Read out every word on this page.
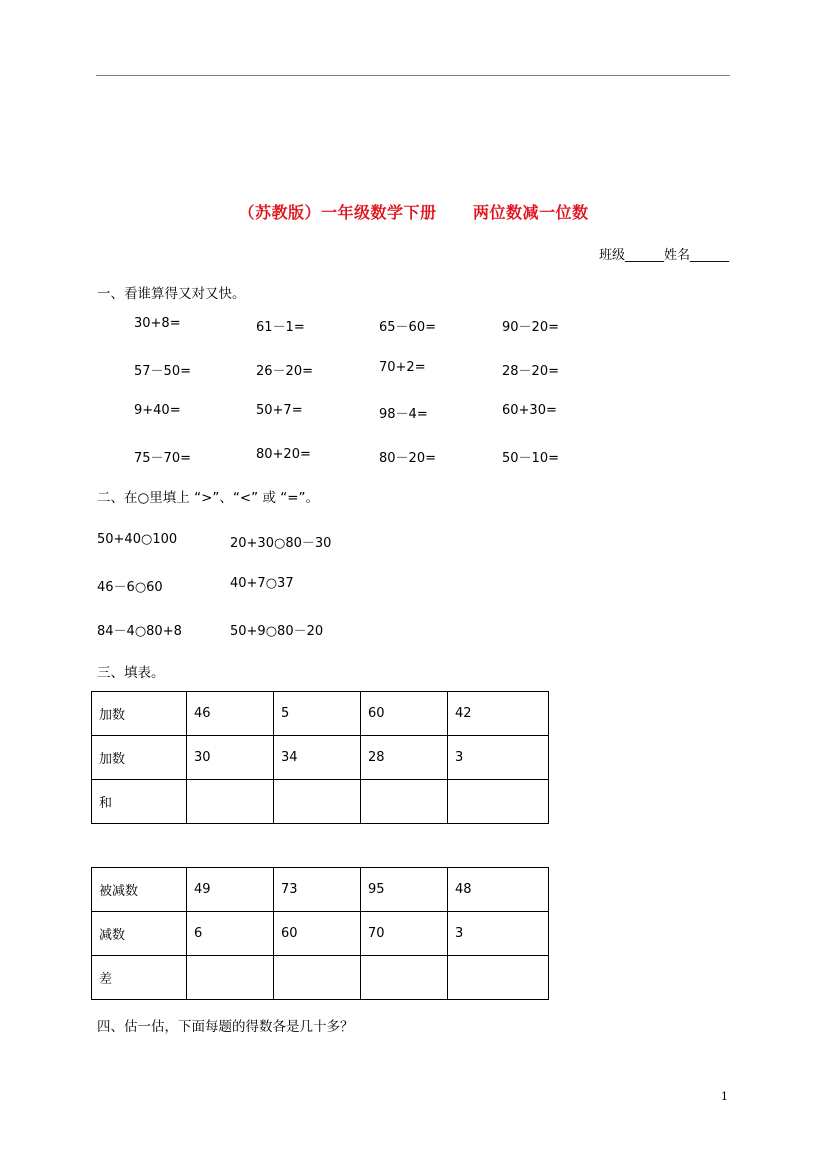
（苏教版）一年级数学下册      两位数减一位数
班级______姓名______
一、看谁算得又对又快。
30+8=	61－1=	65－60=	90－20=
57－50=	26－20=	70+2=	28－20=
9+40=	50+7=	98－4=	60+30=
75－70=	80+20=	80－20=	50－10=
二、在○里填上 “>”、“<” 或 “=”。
50+40○100	20+30○80－30
46－6○60	40+7○37
84－4○80+8	50+9○80－20
三、填表。
加数	46	5	60	42
加数	30	34	28	3
和				
被减数	49	73	95	48
减数	6	60	70	3
差				
四、估一估，下面每题的得数各是几十多？
1
